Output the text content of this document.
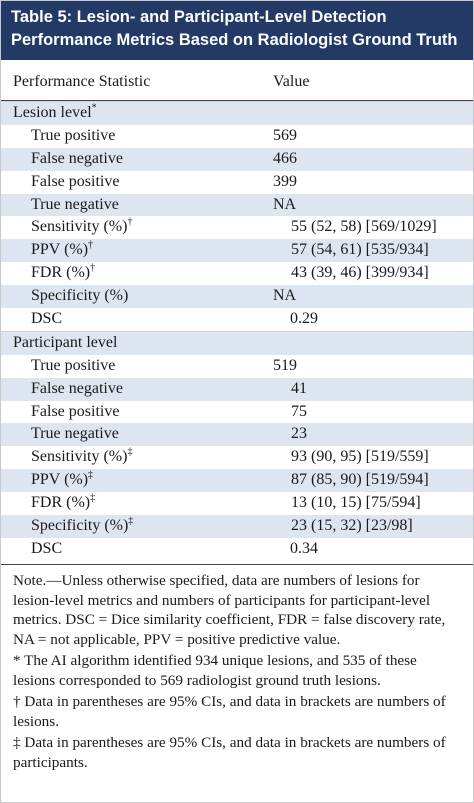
Table 5: Lesion- and Participant-Level Detection
Performance Metrics Based on Radiologist Ground Truth
Performance Statistic	Value
Lesion level*
True positive	569
False negative	466
False positive	399
True negative	NA
Sensitivity (%)†	55 (52, 58) [569/1029]
PPV (%)†	57 (54, 61) [535/934]
FDR (%)†	43 (39, 46) [399/934]
Specificity (%)	NA
DSC	0.29
Participant level
True positive	519
False negative	41
False positive	75
True negative	23
Sensitivity (%)‡	93 (90, 95) [519/559]
PPV (%)‡	87 (85, 90) [519/594]
FDR (%)‡	13 (10, 15) [75/594]
Specificity (%)‡	23 (15, 32) [23/98]
DSC	0.34

Note.—Unless otherwise specified, data are numbers of lesions for lesion-level metrics and numbers of participants for participant-level metrics. DSC = Dice similarity coefficient, FDR = false discovery rate, NA = not applicable, PPV = positive predictive value.

* The AI algorithm identified 934 unique lesions, and 535 of these lesions corresponded to 569 radiologist ground truth lesions.

† Data in parentheses are 95% CIs, and data in brackets are numbers of lesions.

‡ Data in parentheses are 95% CIs, and data in brackets are numbers of participants.
